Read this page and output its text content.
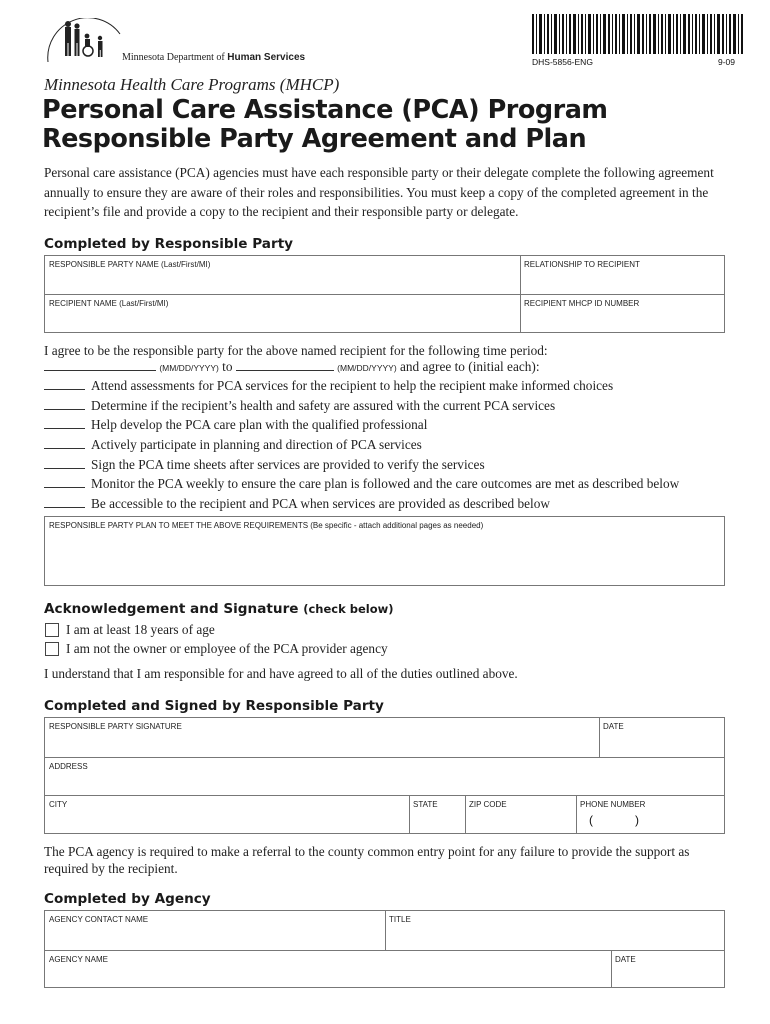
Minnesota Department of Human Services	DHS-5856-ENG	9-09
Minnesota Health Care Programs (MHCP)
Personal Care Assistance (PCA) Program Responsible Party Agreement and Plan
Personal care assistance (PCA) agencies must have each responsible party or their delegate complete the following agreement annually to ensure they are aware of their roles and responsibilities. You must keep a copy of the completed agreement in the recipient’s file and provide a copy to the recipient and their responsible party or delegate.
Completed by Responsible Party
RESPONSIBLE PARTY NAME (Last/First/MI)	RELATIONSHIP TO RECIPIENT
RECIPIENT NAME (Last/First/MI)	RECIPIENT MHCP ID NUMBER
I agree to be the responsible party for the above named recipient for the following time period:
(MM/DD/YYYY) to	(MM/DD/YYYY) and agree to (initial each):
Attend assessments for PCA services for the recipient to help the recipient make informed choices
Determine if the recipient’s health and safety are assured with the current PCA services
Help develop the PCA care plan with the qualified professional
Actively participate in planning and direction of PCA services
Sign the PCA time sheets after services are provided to verify the services
Monitor the PCA weekly to ensure the care plan is followed and the care outcomes are met as described below
Be accessible to the recipient and PCA when services are provided as described below
RESPONSIBLE PARTY PLAN TO MEET THE ABOVE REQUIREMENTS (Be specific - attach additional pages as needed)
Acknowledgement and Signature (check below)
I am at least 18 years of age
I am not the owner or employee of the PCA provider agency
I understand that I am responsible for and have agreed to all of the duties outlined above.
Completed and Signed by Responsible Party
RESPONSIBLE PARTY SIGNATURE	DATE
ADDRESS
CITY	STATE	ZIP CODE	PHONE NUMBER
(	)
The PCA agency is required to make a referral to the county common entry point for any failure to provide the support as required by the recipient.
Completed by Agency
AGENCY CONTACT NAME	TITLE
AGENCY NAME	DATE
